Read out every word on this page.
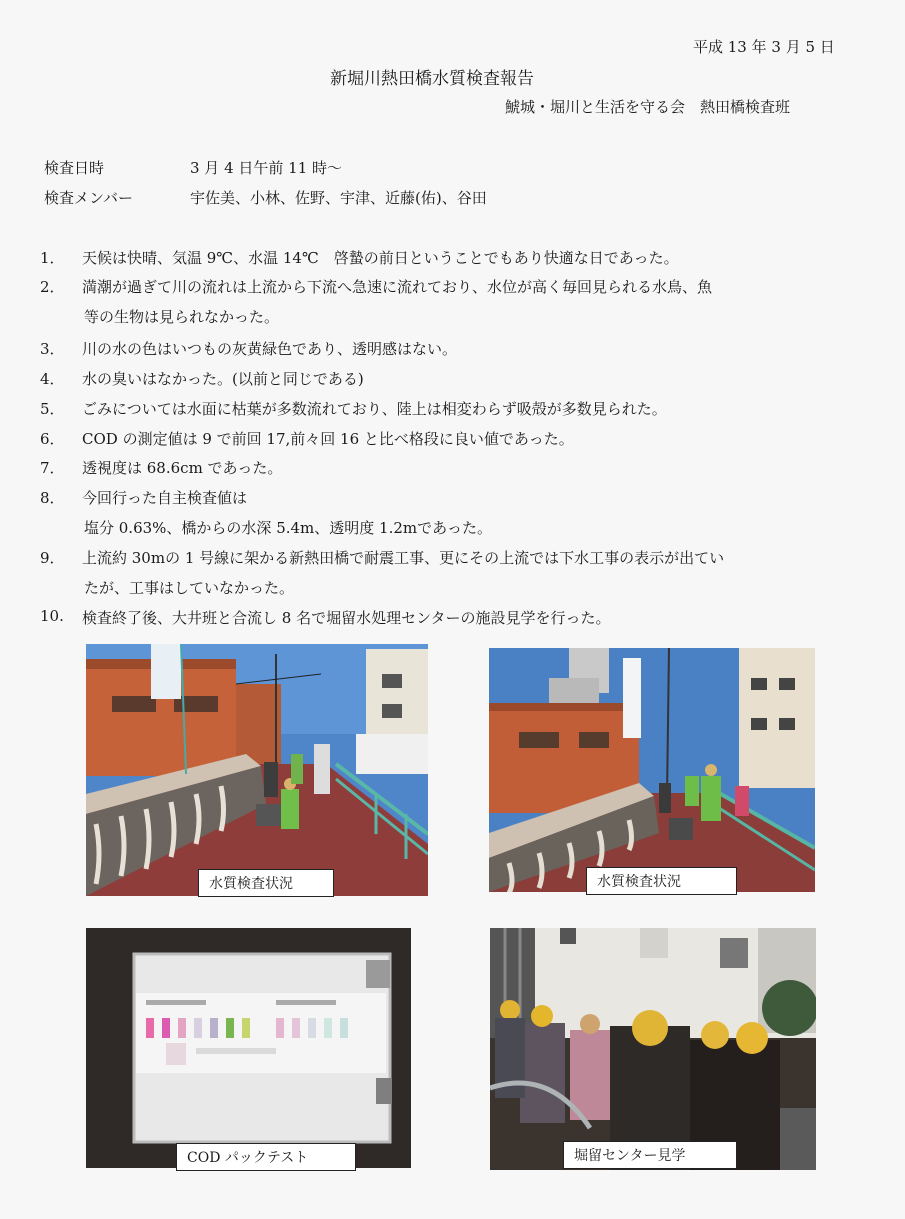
平成 13 年 3 月 5 日
新堀川熱田橋水質検査報告
鯱城・堀川と生活を守る会　熱田橋検査班
検査日時	3 月 4 日午前 11 時～
検査メンバー	宇佐美、小林、佐野、宇津、近藤(佑)、谷田
1．	天候は快晴、気温 9℃、水温 14℃　啓蟄の前日ということでもあり快適な日であった。
2．	満潮が過ぎて川の流れは上流から下流へ急速に流れており、水位が高く毎回見られる水鳥、魚
等の生物は見られなかった。
3．	川の水の色はいつもの灰黄緑色であり、透明感はない。
4．	水の臭いはなかった。(以前と同じである)
5．	ごみについては水面に枯葉が多数流れており、陸上は相変わらず吸殻が多数見られた。
6．	COD の測定値は 9 で前回 17,前々回 16 と比べ格段に良い値であった。
7．	透視度は 68.6cm であった。
8．	今回行った自主検査値は
塩分 0.63%、橋からの水深 5.4m、透明度 1.2mであった。
9．	上流約 30mの 1 号線に架かる新熱田橋で耐震工事、更にその上流では下水工事の表示が出てい
たが、工事はしていなかった。
10.	検査終了後、大井班と合流し 8 名で堀留水処理センターの施設見学を行った。
水質検査状況	水質検査状況
COD パックテスト	堀留センター見学
